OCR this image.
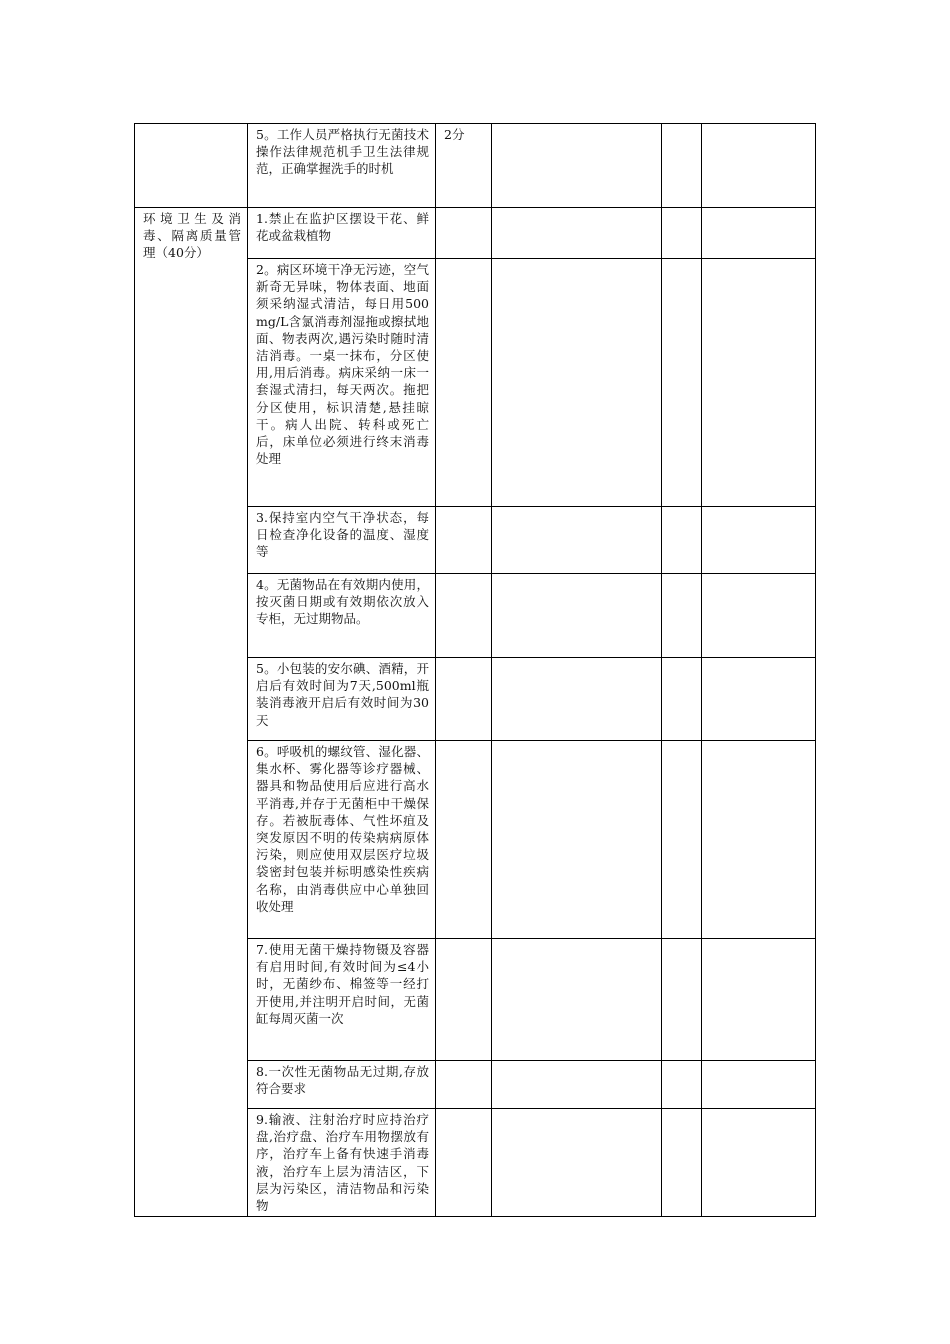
	5。工作人员严格执行无菌技术操作法律规范机手卫生法律规范，正确掌握洗手的时机	2分			
环境卫生及消毒、隔离质量管理（40分）	1.禁止在监护区摆设干花、鲜花或盆栽植物				
	2。病区环境干净无污迹，空气新奇无异味，物体表面、地面须采纳湿式清洁，每日用500mg/L含氯消毒剂湿拖或擦拭地面、物表两次,遇污染时随时清洁消毒。一桌一抹布，分区使用,用后消毒。病床采纳一床一套湿式清扫，每天两次。拖把分区使用，标识清楚,悬挂晾干。病人出院、转科或死亡后，床单位必须进行终末消毒处理				
	3.保持室内空气干净状态，每日检查净化设备的温度、湿度等				
	4。无菌物品在有效期内使用，按灭菌日期或有效期依次放入专柜，无过期物品。				
	5。小包装的安尔碘、酒精，开启后有效时间为7天,500ml瓶装消毒液开启后有效时间为30天				
	6。呼吸机的螺纹管、湿化器、集水杯、雾化器等诊疗器械、器具和物品使用后应进行高水平消毒,并存于无菌柜中干燥保存。若被朊毒体、气性坏疽及突发原因不明的传染病病原体污染，则应使用双层医疗垃圾袋密封包装并标明感染性疾病名称，由消毒供应中心单独回收处理				
	7.使用无菌干燥持物镊及容器有启用时间,有效时间为≤4小时，无菌纱布、棉签等一经打开使用,并注明开启时间，无菌缸每周灭菌一次				
	8.一次性无菌物品无过期,存放符合要求				
	9.输液、注射治疗时应持治疗盘,治疗盘、治疗车用物摆放有序，治疗车上备有快速手消毒液，治疗车上层为清洁区，下层为污染区，清洁物品和污染物				
